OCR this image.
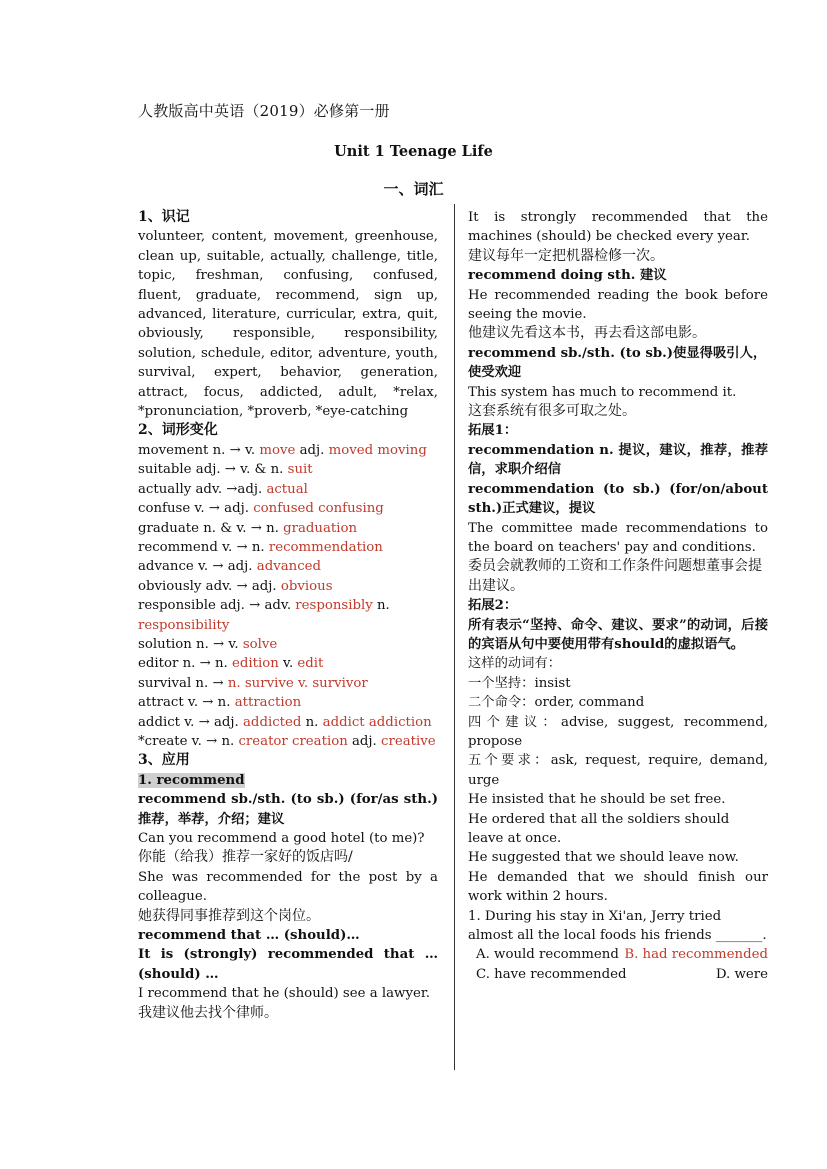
人教版高中英语（2019）必修第一册
Unit 1 Teenage Life
一、词汇

1、识记

volunteer, content, movement, greenhouse, clean up, suitable, actually, challenge, title, topic, freshman, confusing, confused, fluent, graduate, recommend, sign up, advanced, literature, curricular, extra, quit, obviously, responsible, responsibility, solution, schedule, editor, adventure, youth, survival, expert, behavior, generation, attract, focus, addicted, adult, *relax, *pronunciation, *proverb, *eye-catching

2、词形变化

movement n. → v. move adj. moved moving

suitable adj. → v. & n. suit

actually adv. →adj. actual

confuse v. → adj. confused confusing

graduate n. & v. → n. graduation

recommend v. → n. recommendation

advance v. → adj. advanced

obviously adv. → adj. obvious

responsible adj. → adv. responsibly n. responsibility

solution n. → v. solve

editor n. → n. edition v. edit

survival n. → n. survive v. survivor

attract v. → n. attraction

addict v. → adj. addicted n. addict addiction

*create v. → n. creator creation adj. creative

3、应用

1. recommend

recommend sb./sth. (to sb.) (for/as sth.) 推荐，举荐，介绍；建议

Can you recommend a good hotel (to me)?

你能（给我）推荐一家好的饭店吗/

She was recommended for the post by a colleague.

她获得同事推荐到这个岗位。

recommend that … (should)…

It is (strongly) recommended that … (should) …

I recommend that he (should) see a lawyer.

我建议他去找个律师。

It is strongly recommended that the machines (should) be checked every year.

建议每年一定把机器检修一次。

recommend doing sth. 建议

He recommended reading the book before seeing the movie.

他建议先看这本书，再去看这部电影。

recommend sb./sth. (to sb.)使显得吸引人，使受欢迎

This system has much to recommend it.

这套系统有很多可取之处。

拓展1：

recommendation n. 提议，建议，推荐，推荐信，求职介绍信

recommendation (to sb.) (for/on/about sth.)正式建议，提议

The committee made recommendations to the board on teachers' pay and conditions.

委员会就教师的工资和工作条件问题想董事会提出建议。

拓展2：

所有表示“坚持、命令、建议、要求”的动词，后接的宾语从句中要使用带有should的虚拟语气。

这样的动词有：

一个坚持：insist

二个命令：order, command

四个建议：advise, suggest, recommend, propose

五个要求：ask, request, require, demand, urge

He insisted that he should be set free.

He ordered that all the soldiers should leave at once.

He suggested that we should leave now.

He demanded that we should finish our work within 2 hours.

1. During his stay in Xi'an, Jerry tried almost all the local foods his friends _______.

A. would recommend B. had recommended

C. have recommended	D. were
